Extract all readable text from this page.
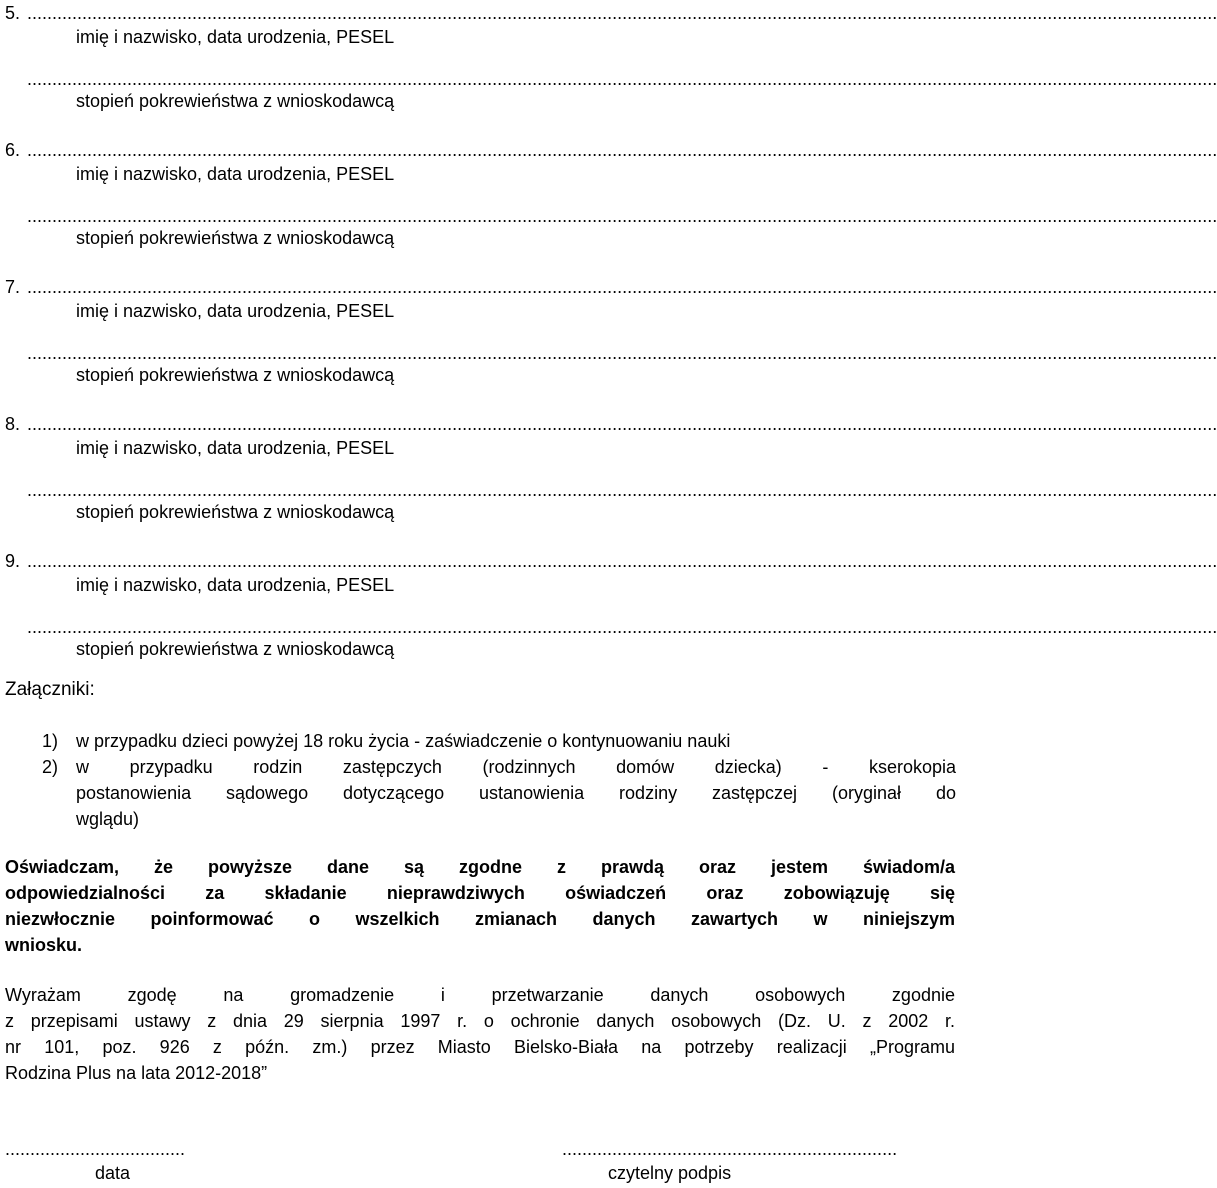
5. ..............................................................................................................................................................................................................................................
imię i nazwisko, data urodzenia, PESEL
..............................................................................................................................................................................................................................................
stopień pokrewieństwa z wnioskodawcą
6. ..............................................................................................................................................................................................................................................
imię i nazwisko, data urodzenia, PESEL
..............................................................................................................................................................................................................................................
stopień pokrewieństwa z wnioskodawcą
7. ..............................................................................................................................................................................................................................................
imię i nazwisko, data urodzenia, PESEL
..............................................................................................................................................................................................................................................
stopień pokrewieństwa z wnioskodawcą
8. ..............................................................................................................................................................................................................................................
imię i nazwisko, data urodzenia, PESEL
..............................................................................................................................................................................................................................................
stopień pokrewieństwa z wnioskodawcą
9. ..............................................................................................................................................................................................................................................
imię i nazwisko, data urodzenia, PESEL
..............................................................................................................................................................................................................................................
stopień pokrewieństwa z wnioskodawcą
Załączniki:
1) w przypadku dzieci powyżej 18 roku życia - zaświadczenie o kontynuowaniu nauki
2) w przypadku rodzin zastępczych (rodzinnych domów dziecka) - kserokopia
postanowienia sądowego dotyczącego ustanowienia rodziny zastępczej (oryginał do
wglądu)
Oświadczam, że powyższe dane są zgodne z prawdą oraz jestem świadom/a
odpowiedzialności za składanie nieprawdziwych oświadczeń oraz zobowiązuję się
niezwłocznie poinformować o wszelkich zmianach danych zawartych w niniejszym
wniosku.
Wyrażam zgodę na gromadzenie i przetwarzanie danych osobowych zgodnie
z przepisami ustawy z dnia 29 sierpnia 1997 r. o ochronie danych osobowych (Dz. U. z 2002 r.
nr 101, poz. 926 z późn. zm.) przez Miasto Bielsko-Biała na potrzeby realizacji „Programu
Rodzina Plus na lata 2012-2018”
....................................
data
...................................................................
czytelny podpis
